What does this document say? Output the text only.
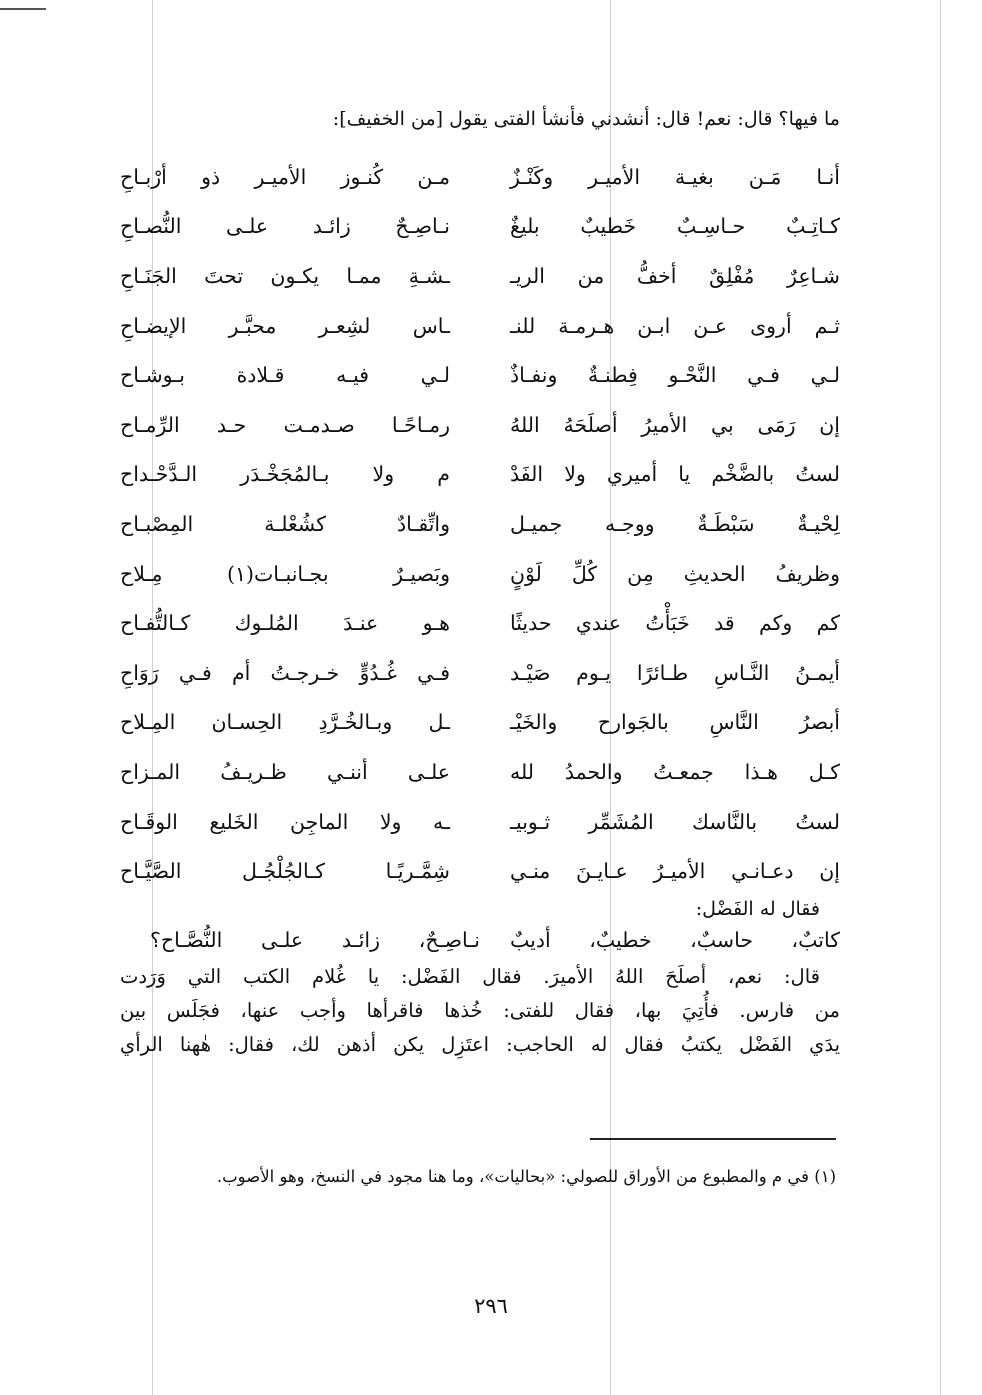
ما فيها؟ قال: نعم! قال: أنشدني فأنشأ الفتى يقول [من الخفيف]:

أنـا مَـن بغيـة الأميـر وكَنْـزٌ
مـن كُنـوز الأميـر ذو أرْبـاحِ
كـاتِـبٌ حـاسِـبٌ خَطيبٌ بليغٌ
نـاصِـحٌ زائـد علـى النُّصـاحِ
شـاعِرٌ مُفْلِقٌ أخفُّ من الريـ
ـشـةِ ممـا يكـون تحتَ الجَنَـاحِ
ثـم أروى عـن ابـن هـرمـة للنـ
ـاس لشِعـر محبَّـر الإيضـاحِ
لـي فـي النَّحْـو فِطنـةٌ ونفـاذٌ
لـي فيـه قـلادة بـوشـاح
إن رَمَى بي الأميرُ أصلَحَهُ اللهُ
رمـاحًـا صـدمـت حـد الرِّمـاح
لستُ بالضَّخْم يا أميري ولا الفَدْ
م ولا بـالمُجَخْـدَر الـدَّحْـداح
لِحْيـةٌ سَبْطَـةٌ ووجـه جميـل
واتِّقـادٌ كشُعْلـة المِصْبـاح
وظريفُ الحديثِ مِن كُلِّ لَوْنٍ
وبَصيـرٌ بجـانبـات(١) مِـلاح
كم وكم قد خَبَأْتُ عندي حديثًا
هـو عنـدَ المُلـوك كـالتُّفـاح
أيمـنُ النَّـاسِ طـائرًا يـوم صَيْـد
فـي غُـدُوٍّ خـرجـتُ أم فـي رَوَاحِ
أبصرُ النَّاسِ بالجَوارح والخَيْـ
ـل وبـالخُـرَّدِ الحِسـان المِـلاح
كـل هـذا جمعـتُ والحمدُ لله
علـى أننـي ظـريـفُ المـزاح
لستُ بالنَّاسك المُشَمِّر ثـوبيـ
ـه ولا الماجِن الخَليع الوقَـاح
إن دعـانـي الأميـرُ عـايـنَ منـي
شِمَّـريًـا كـالجُلْجُـل الصَّيَّـاح
فقال له الفَضْل:
كاتبٌ، حاسبٌ، خطيبٌ، أديبٌ
نـاصِـحٌ، زائـد علـى النُّصَّـاح؟

قال: نعم، أصلَحَ اللهُ الأميرَ. فقال الفَضْل: يا غُلام الكتب التي وَرَدت

من فارس. فأُتِيَ بها، فقال للفتى: خُذها فاقرأها وأجب عنها، فجَلَس بين

يدَي الفَضْل يكتبُ فقال له الحاجب: اعتَزِل يكن أذهن لك، فقال: هٰهنا الرأي

(١) في م والمطبوع من الأوراق للصولي: «بحاليات»، وما هنا مجود في النسخ، وهو الأصوب.
٢٩٦
